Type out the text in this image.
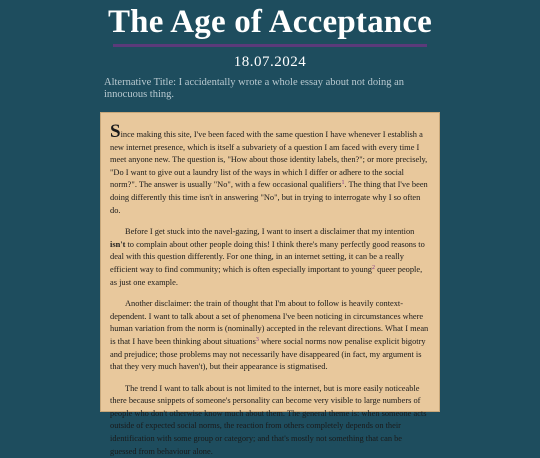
The Age of Acceptance
18.07.2024
Alternative Title: I accidentally wrote a whole essay about not doing an innocuous thing.

Since making this site, I've been faced with the same question I have whenever I establish a new internet presence, which is itself a subvariety of a question I am faced with every time I meet anyone new. The question is, "How about those identity labels, then?"; or more precisely, "Do I want to give out a laundry list of the ways in which I differ or adhere to the social norm?". The answer is usually "No", with a few occasional qualifiers$^1$. The thing that I've been doing differently this time isn't in answering "No", but in trying to interrogate why I so often do.

Before I get stuck into the navel-gazing, I want to insert a disclaimer that my intention isn't to complain about other people doing this! I think there's many perfectly good reasons to deal with this question differently. For one thing, in an internet setting, it can be a really efficient way to find community; which is often especially important to young$^2$ queer people, as just one example.

Another disclaimer: the train of thought that I'm about to follow is heavily context-dependent. I want to talk about a set of phenomena I've been noticing in circumstances where human variation from the norm is (nominally) accepted in the relevant directions. What I mean is that I have been thinking about situations$^3$ where social norms now penalise explicit bigotry and prejudice; those problems may not necessarily have disappeared (in fact, my argument is that they very much haven't), but their appearance is stigmatised.

The trend I want to talk about is not limited to the internet, but is more easily noticeable there because snippets of someone's personality can become very visible to large numbers of people who don't otherwise know much about them. The general theme is: when someone acts outside of expected social norms, the reaction from others completely depends on their identification with some group or category; and that's mostly not something that can be guessed from behaviour alone.
